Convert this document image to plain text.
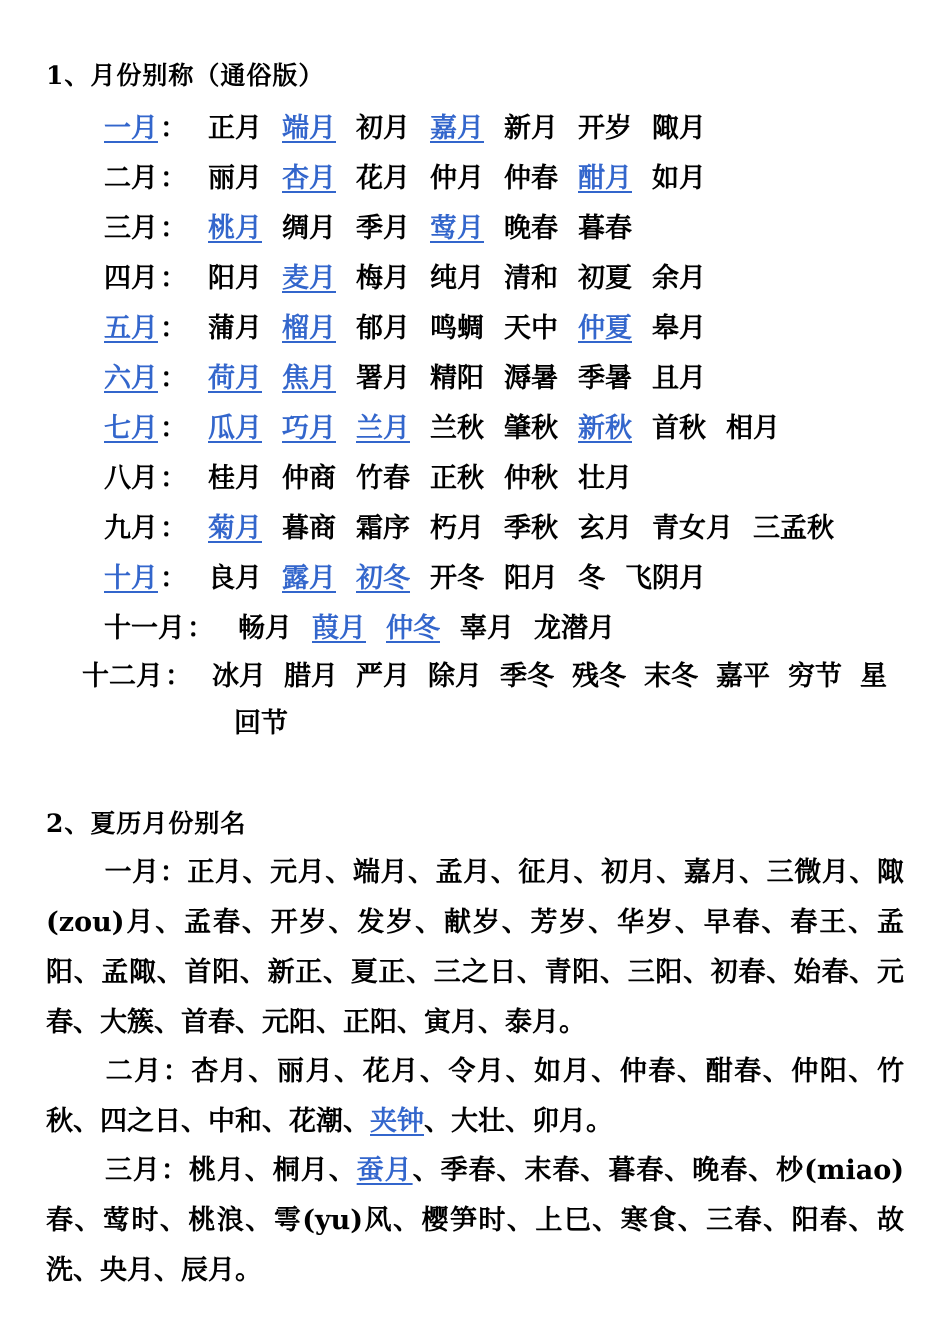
1、月份别称（通俗版）
一月： 正月 端月 初月 嘉月 新月 开岁 陬月
二月： 丽月 杏月 花月 仲月 仲春 酣月 如月
三月： 桃月 绸月 季月 莺月 晚春 暮春
四月： 阳月 麦月 梅月 纯月 清和 初夏 余月
五月： 蒲月 榴月 郁月 鸣蜩 天中 仲夏 皋月
六月： 荷月 焦月 署月 精阳 溽暑 季暑 且月
七月： 瓜月 巧月 兰月 兰秋 肇秋 新秋 首秋 相月
八月： 桂月 仲商 竹春 正秋 仲秋 壮月
九月： 菊月 暮商 霜序 朽月 季秋 玄月 青女月 三孟秋
十月： 良月 露月 初冬 开冬 阳月 冬 飞阴月
十一月： 畅月 葭月 仲冬 辜月 龙潜月
十二月： 冰月 腊月 严月 除月 季冬 残冬 末冬 嘉平 穷节 星
回节
2、夏历月份别名
一月：正月、元月、端月、孟月、征月、初月、嘉月、三微月、陬(zou)月、孟春、开岁、发岁、献岁、芳岁、华岁、早春、春王、孟阳、孟陬、首阳、新正、夏正、三之日、青阳、三阳、初春、始春、元春、大簇、首春、元阳、正阳、寅月、泰月。
二月：杏月、丽月、花月、令月、如月、仲春、酣春、仲阳、竹秋、四之日、中和、花潮、夹钟、大壮、卯月。
三月：桃月、桐月、蚕月、季春、末春、暮春、晚春、杪(miao)春、莺时、桃浪、雩(yu)风、樱笋时、上巳、寒食、三春、阳春、故洗、央月、辰月。
